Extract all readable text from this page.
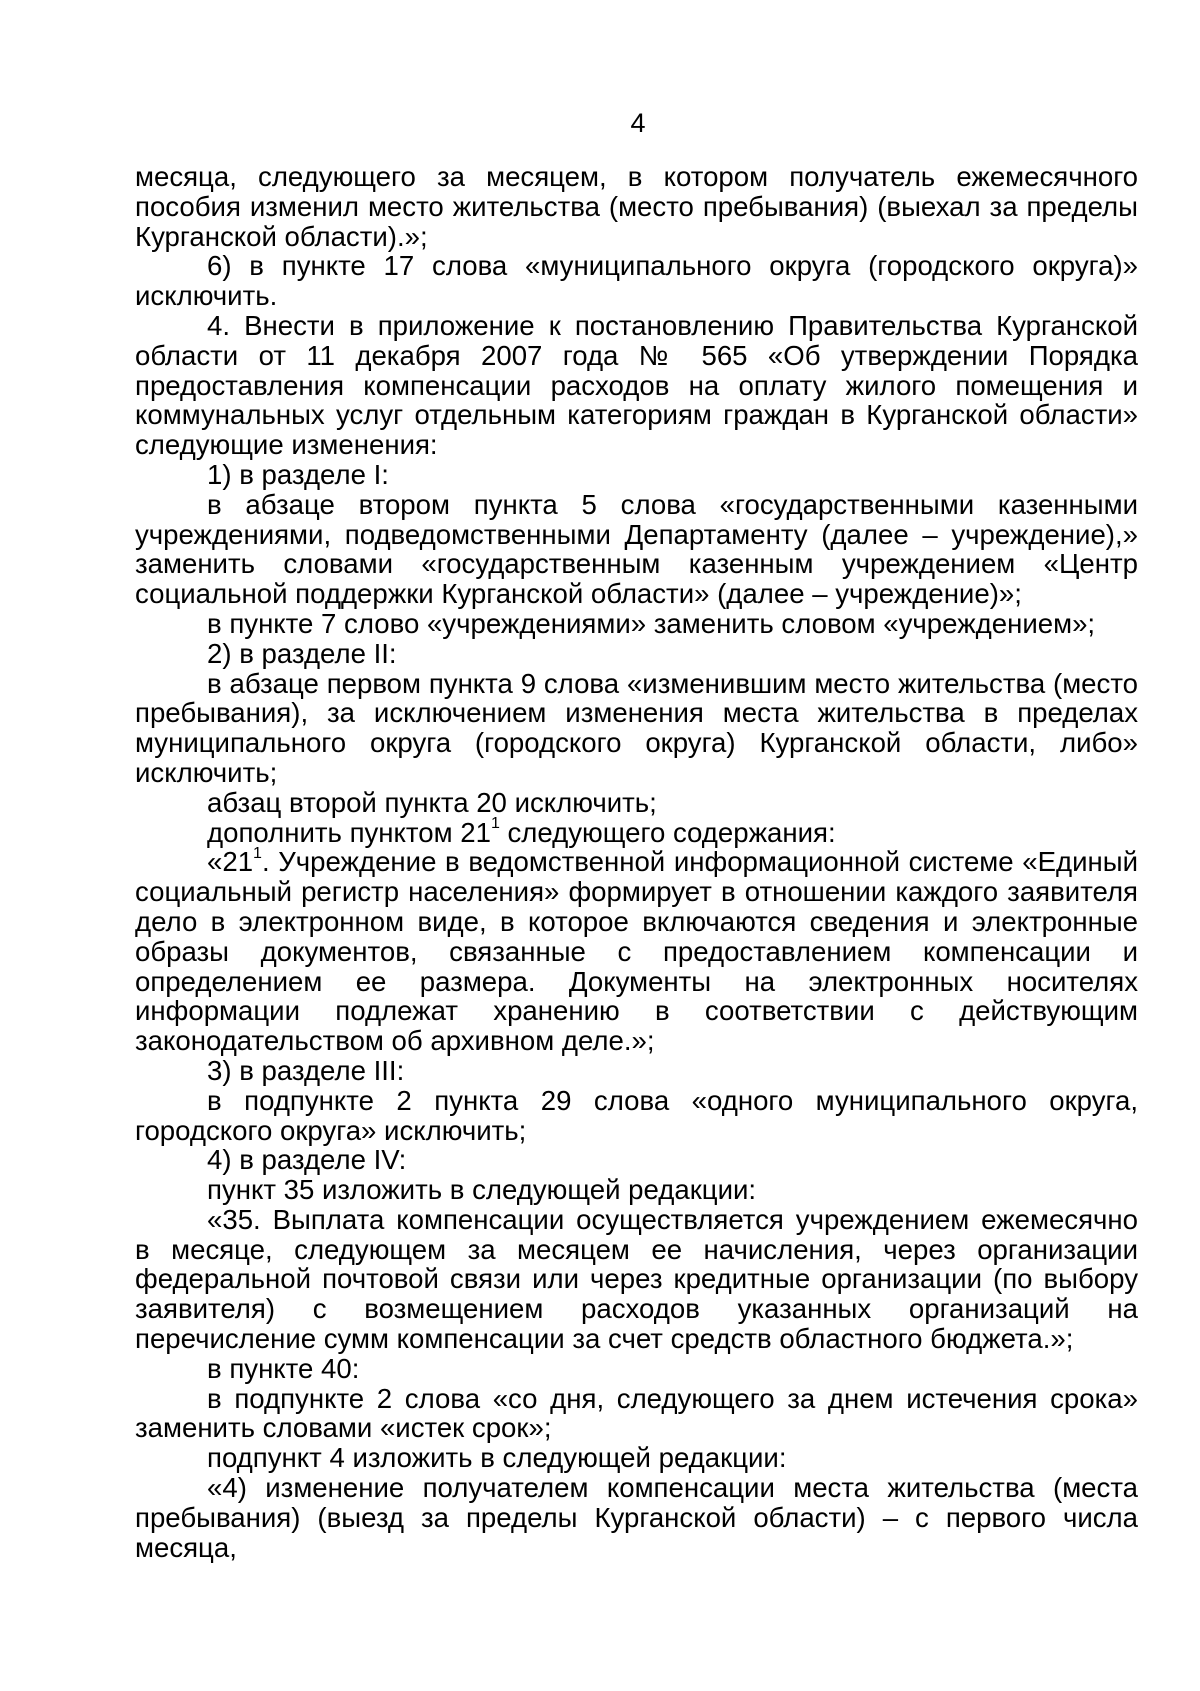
4

месяца, следующего за месяцем, в котором получатель ежемесячного пособия изменил место жительства (место пребывания) (выехал за пределы Курганской области).»;

6) в пункте 17 слова «муниципального округа (городского округа)» исключить.

4. Внести в приложение к постановлению Правительства Курганской области от 11 декабря 2007 года № 565 «Об утверждении Порядка предоставления компенсации расходов на оплату жилого помещения и коммунальных услуг отдельным категориям граждан в Курганской области» следующие изменения:

1) в разделе I:

в абзаце втором пункта 5 слова «государственными казенными учреждениями, подведомственными Департаменту (далее – учреждение),» заменить словами «государственным казенным учреждением «Центр социальной поддержки Курганской области» (далее – учреждение)»;

в пункте 7 слово «учреждениями» заменить словом «учреждением»;

2) в разделе II:

в абзаце первом пункта 9 слова «изменившим место жительства (место пребывания), за исключением изменения места жительства в пределах муниципального округа (городского округа) Курганской области, либо» исключить;

абзац второй пункта 20 исключить;

дополнить пунктом $21^1$ следующего содержания:

«$21^1$. Учреждение в ведомственной информационной системе «Единый социальный регистр населения» формирует в отношении каждого заявителя дело в электронном виде, в которое включаются сведения и электронные образы документов, связанные с предоставлением компенсации и определением ее размера. Документы на электронных носителях информации подлежат хранению в соответствии с действующим законодательством об архивном деле.»;

3) в разделе III:

в подпункте 2 пункта 29 слова «одного муниципального округа, городского округа» исключить;

4) в разделе IV:

пункт 35 изложить в следующей редакции:

«35. Выплата компенсации осуществляется учреждением ежемесячно в месяце, следующем за месяцем ее начисления, через организации федеральной почтовой связи или через кредитные организации (по выбору заявителя) с возмещением расходов указанных организаций на перечисление сумм компенсации за счет средств областного бюджета.»;

в пункте 40:

в подпункте 2 слова «со дня, следующего за днем истечения срока» заменить словами «истек срок»;

подпункт 4 изложить в следующей редакции:

«4) изменение получателем компенсации места жительства (места пребывания) (выезд за пределы Курганской области) – с первого числа месяца,
